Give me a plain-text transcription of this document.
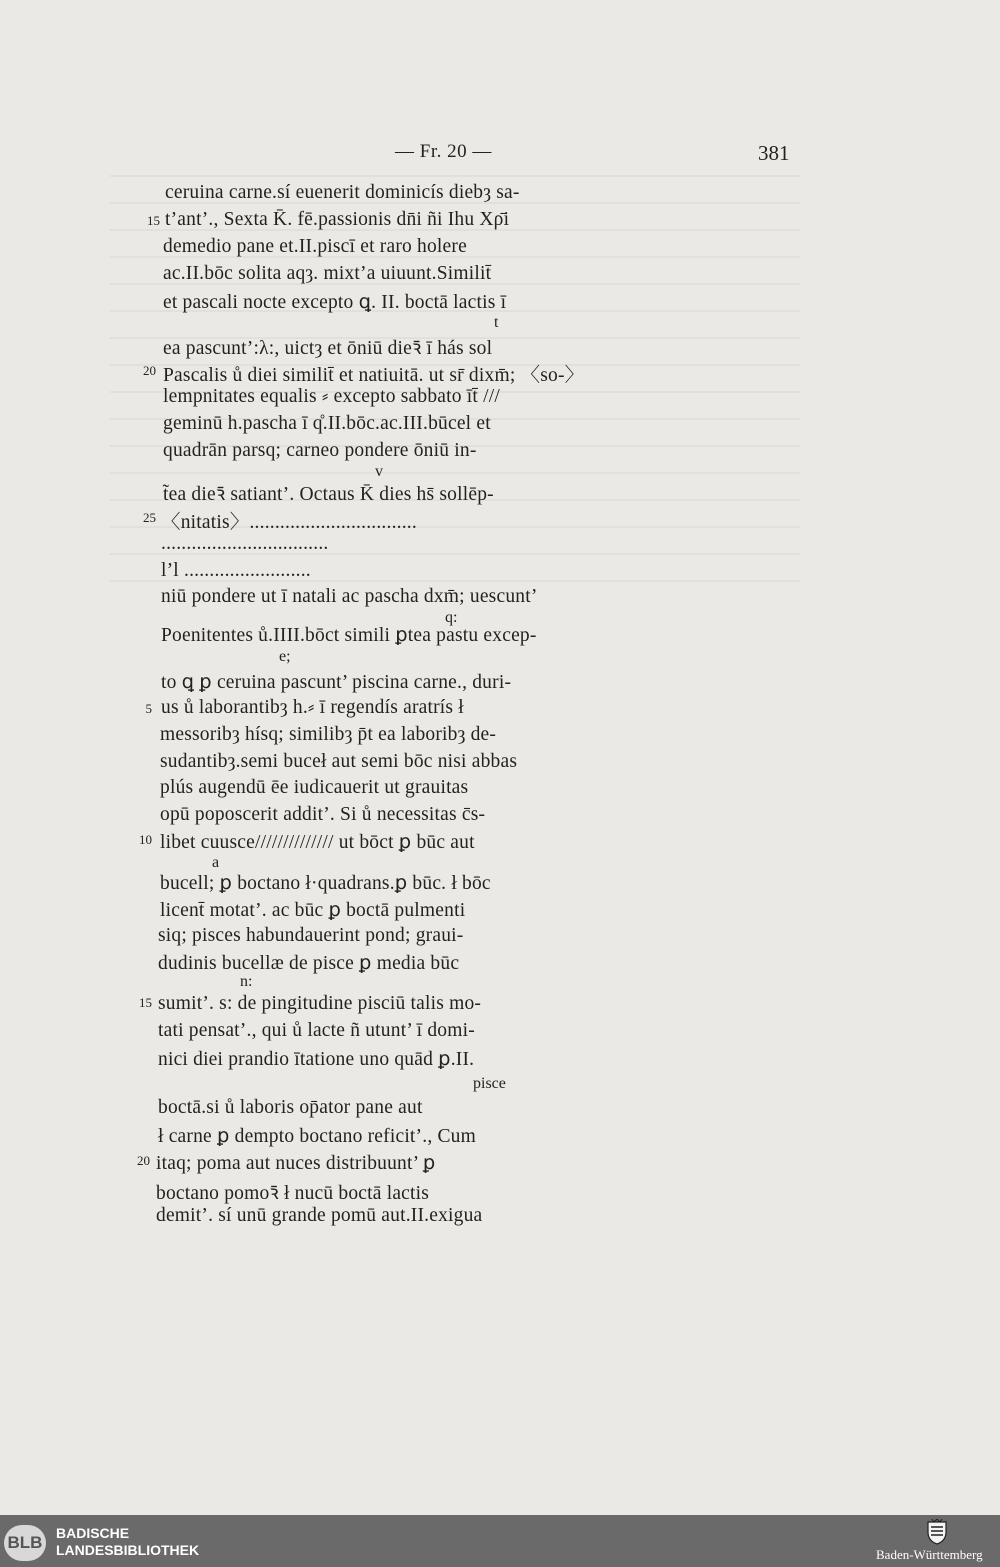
— Fr. 20 —	381
ceruina carne.sí euenerit dominicís diebȝ sa-
15 t’ant’., Sexta K̄. fē.passionis dn̄i ñi Ihu Xρ̄i
demedio pane et.II.piscī et raro holere
ac.II.bōc solita aqȝ. mixt’a uiuunt.Similit̄
et pascali nocte excepto ꝗ. II. boctā lactis ī
t
ea pascunt’:λ:, uictȝ et ōniū dieꝛ̄ ī hás sol
20 Pascalis ů diei similit̄ et natiuitā. ut sr̄ dixm̄; 〈so-〉
lempnitates equalis ⸗ excepto sabbato īt̄ ///
geminū h.pascha ī q̊.II.bōc.ac.III.būcel et
quadrān parsq; carneo pondere ōniū in-
v
t̃ea dieꝛ̄ satiant’. Octaus K̄ dies hs̄ sollēp-
25 〈nitatis〉.................................
.................................
l’l .........................
niū pondere ut ī natali ac pascha dxm̄; uescunt’
q:
Poenitentes ů.IIII.bōct simili ꝑtea pastu excep-
e;
to ꝗ ꝑ ceruina pascunt’ piscina carne., duri-
5 us ů laborantibȝ h.⸗ ī regendís aratrís ł
messoribȝ hísq; similibȝ p̄t ea laboribȝ de-
sudantibȝ.semi buceł aut semi bōc nisi abbas
plús augendū ēe iudicauerit ut grauitas
opū poposcerit addit’. Si ů necessitas c̄s-
10 libet cuusce////////////// ut bōct ꝑ būc aut
a
bucell; ꝑ boctano ł·quadrans.ꝑ būc. ł bōc
licent̄ motat’. ac būc ꝑ boctā pulmenti
siq; pisces habundauerint pond; graui-
dudinis bucellæ de pisce ꝑ media būc
n:
15 sumit’. s: de pingitudine pisciū talis mo-
tati pensat’., qui ů lacte ñ utunt’ ī domi-
nici diei prandio ītatione uno quād ꝑ.II.
pisce
boctā.si ů laboris op̄ator pane aut
ł carne ꝑ dempto boctano reficit’., Cum
20 itaq; poma aut nuces distribuunt’ ꝑ
boctano pomoꝛ̄ ł nucū boctā lactis
demit’. sí unū grande pomū aut.II.exigua
BLB BADISCHE
LANDESBIBLIOTHEK	Baden-Württemberg
